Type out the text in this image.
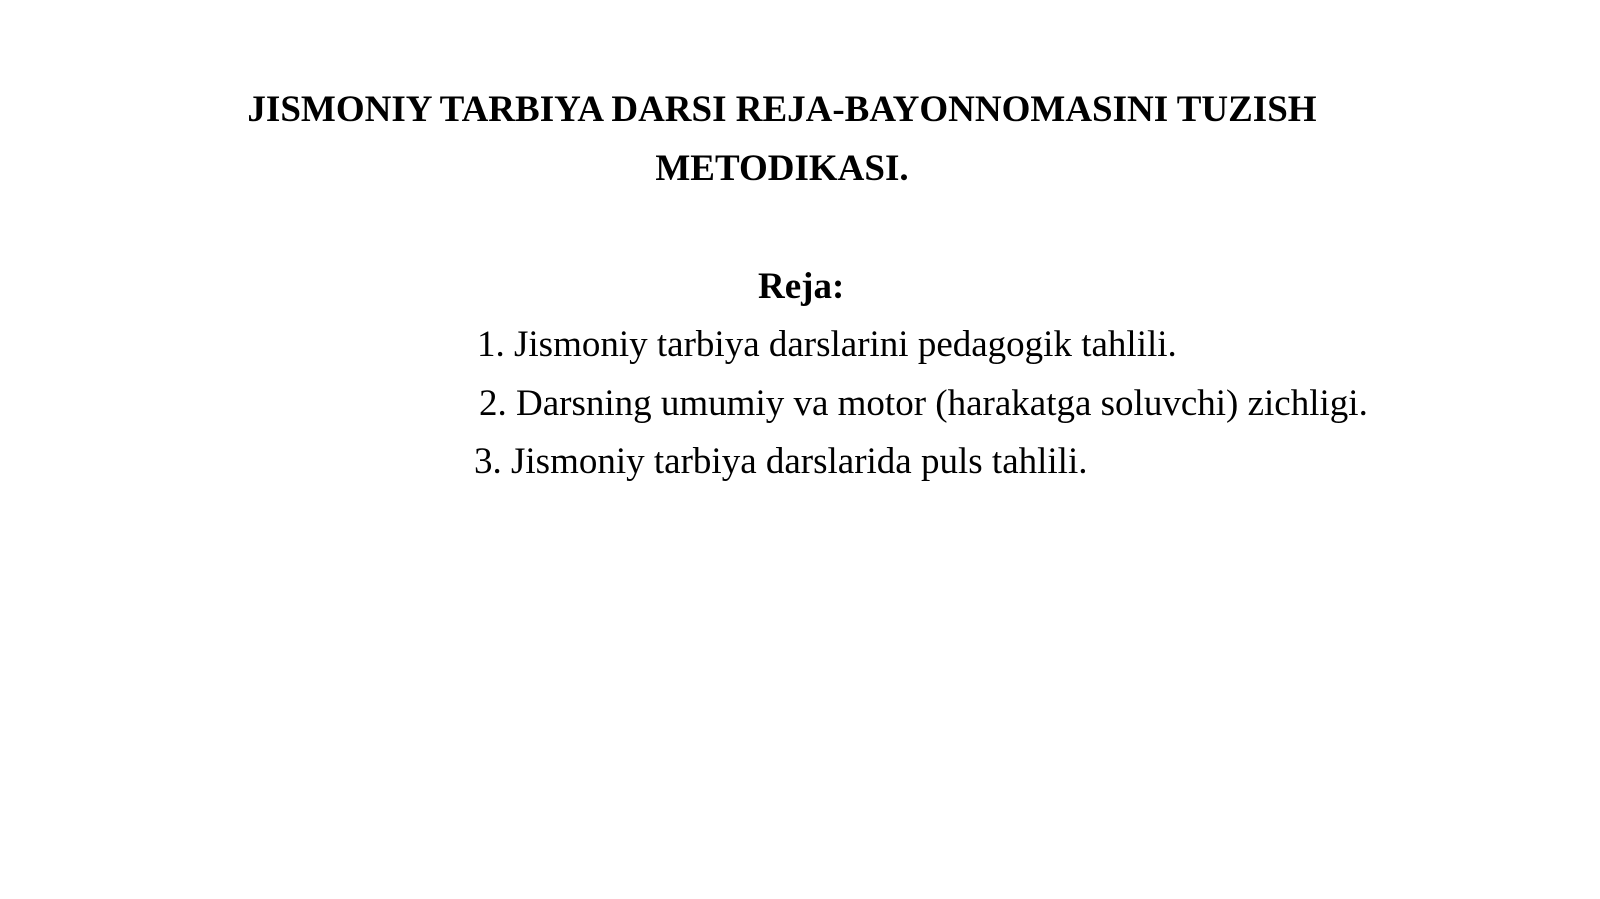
JISMONIY TARBIYA DARSI REJA-BAYONNOMASINI TUZISH
METODIKASI.
Reja:
1. Jismoniy tarbiya darslarini pedagogik tahlili.
2. Darsning umumiy va motor (harakatga soluvchi) zichligi.
3. Jismoniy tarbiya darslarida puls tahlili.
